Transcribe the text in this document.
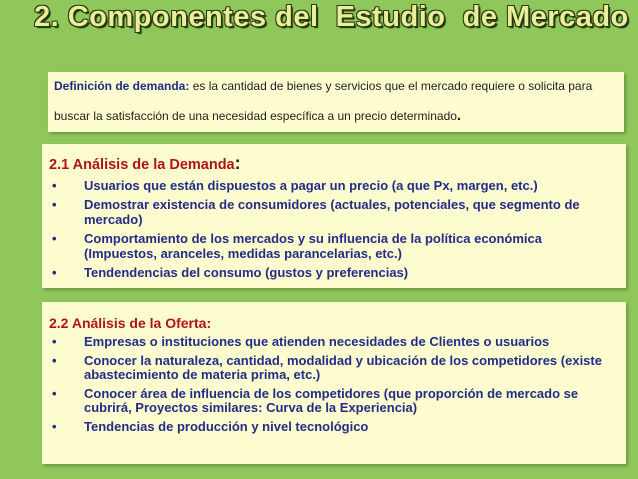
2. Componentes del  Estudio  de Mercado
Definición de demanda: es la cantidad de bienes y servicios que el mercado requiere o solicita para buscar la satisfacción de una necesidad específica a un precio determinado.
2.1 Análisis de la Demanda:
• Usuarios que están dispuestos a pagar un precio (a que Px, margen, etc.)
• Demostrar existencia de consumidores (actuales, potenciales, que segmento de mercado)
• Comportamiento de los mercados y su influencia de la política económica (Impuestos, aranceles, medidas parancelarias, etc.)
• Tendendencias del consumo (gustos y preferencias)
2.2 Análisis de la Oferta:
• Empresas o instituciones que atienden necesidades de Clientes o usuarios
• Conocer la naturaleza, cantidad, modalidad y ubicación de los competidores (existe abastecimiento de materia prima, etc.)
• Conocer área de influencia de los competidores (que proporción de mercado se cubrirá, Proyectos similares: Curva de la Experiencia)
• Tendencias de producción y nivel tecnológico
